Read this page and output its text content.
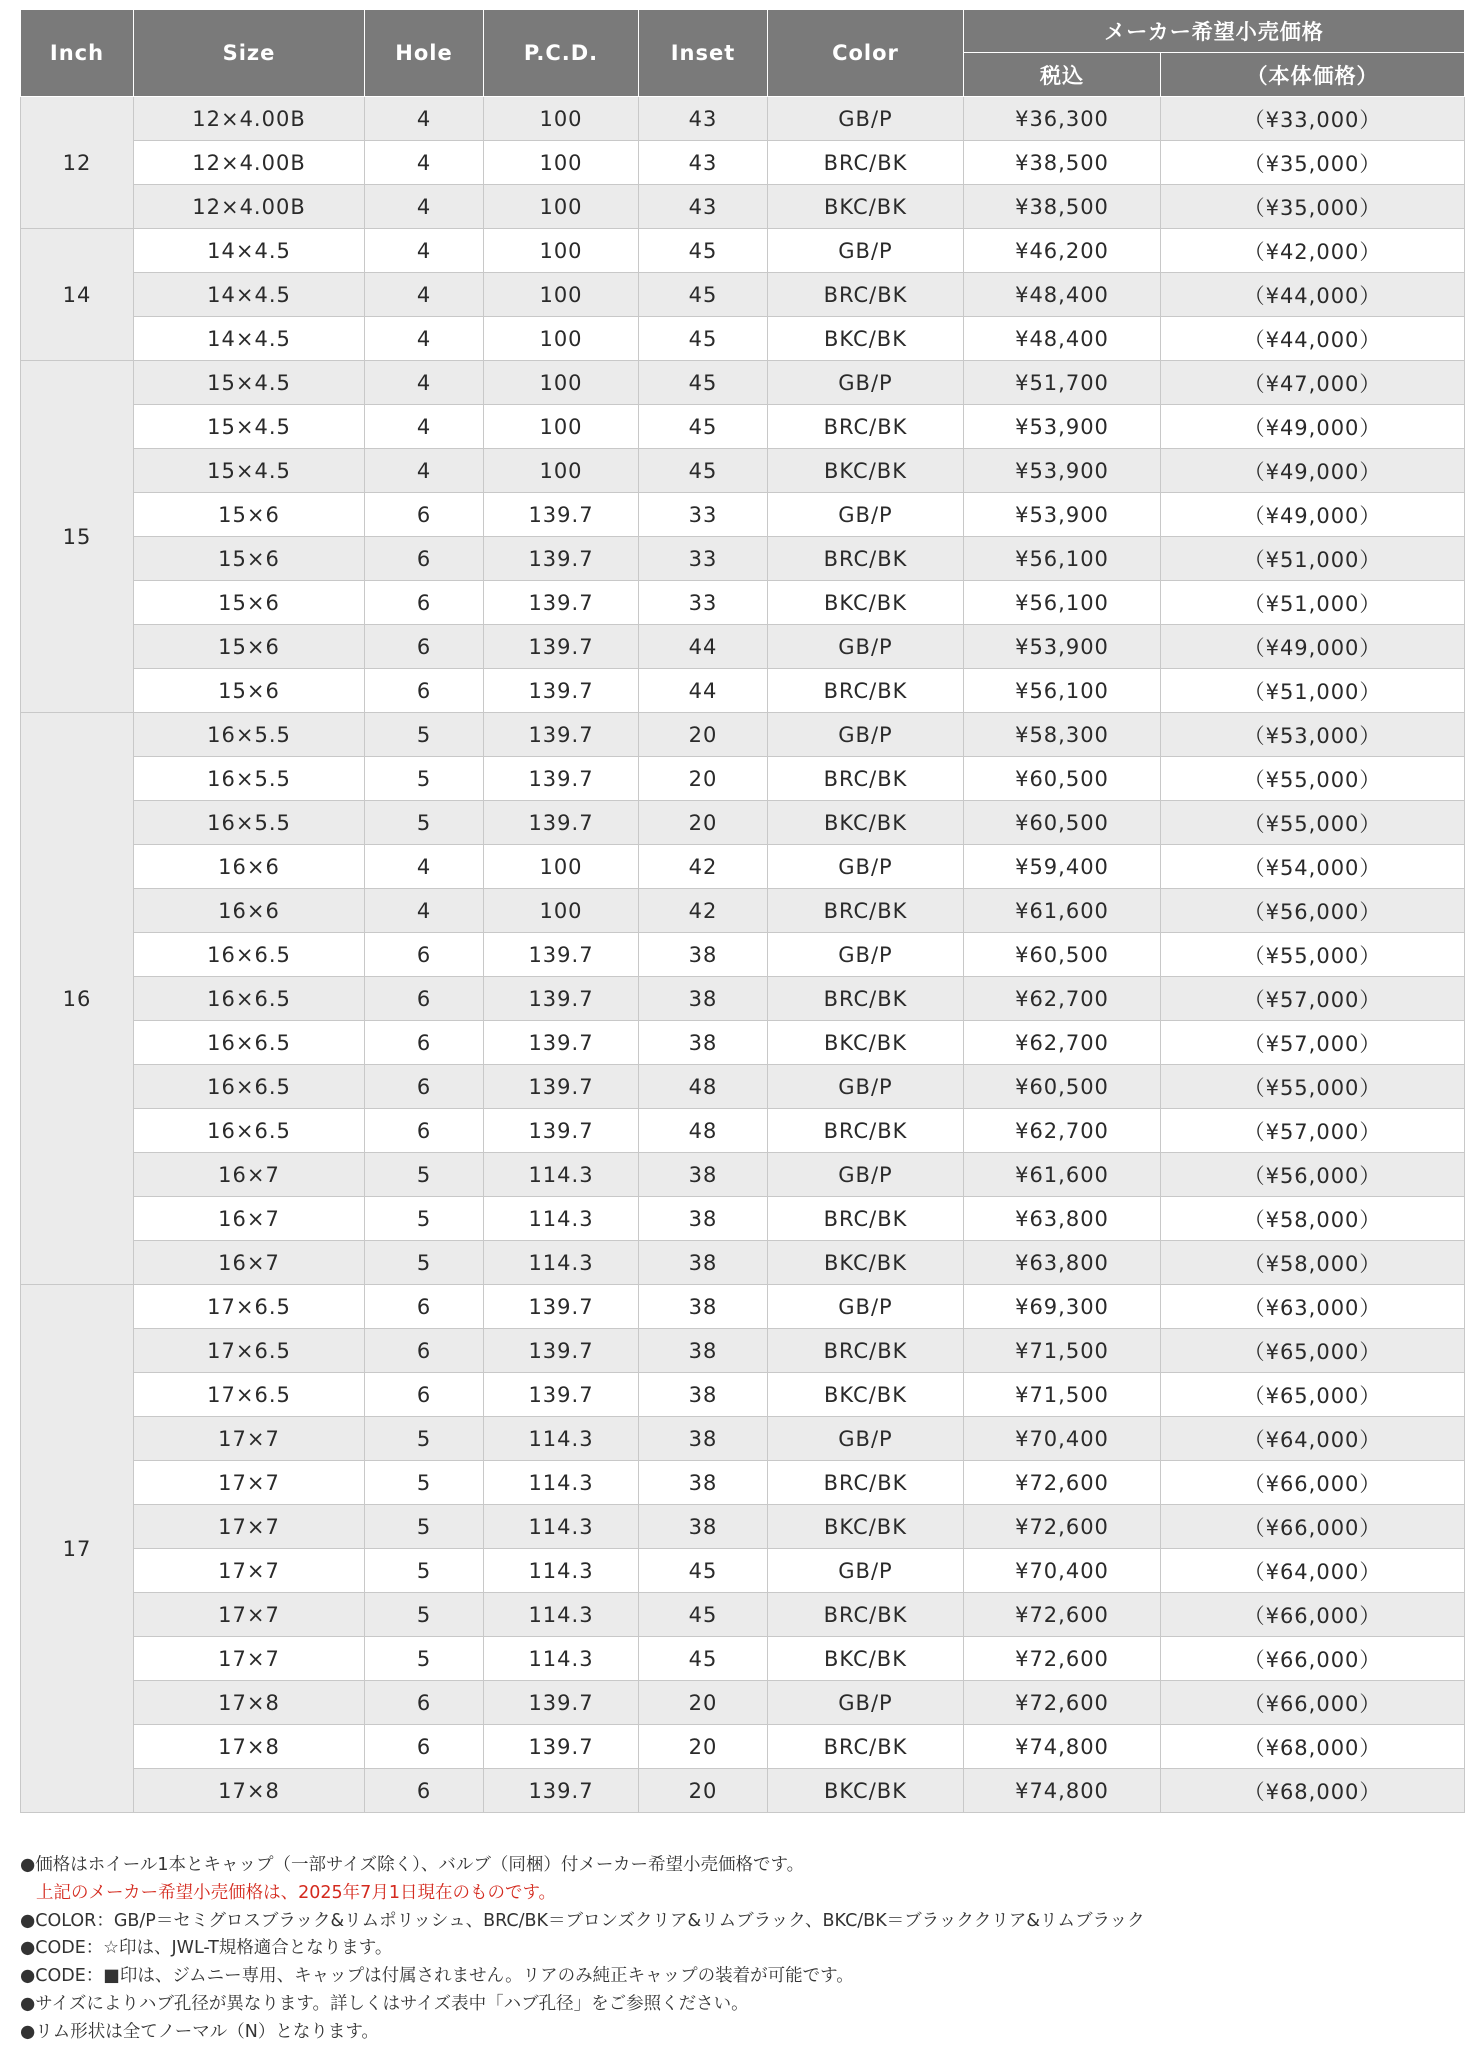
Inch	Size	Hole	P.C.D.	Inset	Color	メーカー希望小売価格	
						税込	（本体価格）
12	12×4.00B	4	100	43	GB/P	¥36,300	（¥33,000）
	12×4.00B	4	100	43	BRC/BK	¥38,500	（¥35,000）
	12×4.00B	4	100	43	BKC/BK	¥38,500	（¥35,000）
14	14×4.5	4	100	45	GB/P	¥46,200	（¥42,000）
	14×4.5	4	100	45	BRC/BK	¥48,400	（¥44,000）
	14×4.5	4	100	45	BKC/BK	¥48,400	（¥44,000）
15	15×4.5	4	100	45	GB/P	¥51,700	（¥47,000）
	15×4.5	4	100	45	BRC/BK	¥53,900	（¥49,000）
	15×4.5	4	100	45	BKC/BK	¥53,900	（¥49,000）
	15×6	6	139.7	33	GB/P	¥53,900	（¥49,000）
	15×6	6	139.7	33	BRC/BK	¥56,100	（¥51,000）
	15×6	6	139.7	33	BKC/BK	¥56,100	（¥51,000）
	15×6	6	139.7	44	GB/P	¥53,900	（¥49,000）
	15×6	6	139.7	44	BRC/BK	¥56,100	（¥51,000）
16	16×5.5	5	139.7	20	GB/P	¥58,300	（¥53,000）
	16×5.5	5	139.7	20	BRC/BK	¥60,500	（¥55,000）
	16×5.5	5	139.7	20	BKC/BK	¥60,500	（¥55,000）
	16×6	4	100	42	GB/P	¥59,400	（¥54,000）
	16×6	4	100	42	BRC/BK	¥61,600	（¥56,000）
	16×6.5	6	139.7	38	GB/P	¥60,500	（¥55,000）
	16×6.5	6	139.7	38	BRC/BK	¥62,700	（¥57,000）
	16×6.5	6	139.7	38	BKC/BK	¥62,700	（¥57,000）
	16×6.5	6	139.7	48	GB/P	¥60,500	（¥55,000）
	16×6.5	6	139.7	48	BRC/BK	¥62,700	（¥57,000）
	16×7	5	114.3	38	GB/P	¥61,600	（¥56,000）
	16×7	5	114.3	38	BRC/BK	¥63,800	（¥58,000）
	16×7	5	114.3	38	BKC/BK	¥63,800	（¥58,000）
17	17×6.5	6	139.7	38	GB/P	¥69,300	（¥63,000）
	17×6.5	6	139.7	38	BRC/BK	¥71,500	（¥65,000）
	17×6.5	6	139.7	38	BKC/BK	¥71,500	（¥65,000）
	17×7	5	114.3	38	GB/P	¥70,400	（¥64,000）
	17×7	5	114.3	38	BRC/BK	¥72,600	（¥66,000）
	17×7	5	114.3	38	BKC/BK	¥72,600	（¥66,000）
	17×7	5	114.3	45	GB/P	¥70,400	（¥64,000）
	17×7	5	114.3	45	BRC/BK	¥72,600	（¥66,000）
	17×7	5	114.3	45	BKC/BK	¥72,600	（¥66,000）
	17×8	6	139.7	20	GB/P	¥72,600	（¥66,000）
	17×8	6	139.7	20	BRC/BK	¥74,800	（¥68,000）
	17×8	6	139.7	20	BKC/BK	¥74,800	（¥68,000）
●価格はホイール1本とキャップ（一部サイズ除く）、バルブ（同梱）付メーカー希望小売価格です。
上記のメーカー希望小売価格は、2025年7月1日現在のものです。
●COLOR：GB/P＝セミグロスブラック&リムポリッシュ、BRC/BK＝ブロンズクリア&リムブラック、BKC/BK＝ブラッククリア&リムブラック
●CODE：☆印は、JWL-T規格適合となります。
●CODE：■印は、ジムニー専用、キャップは付属されません。リアのみ純正キャップの装着が可能です。
●サイズによりハブ孔径が異なります。詳しくはサイズ表中「ハブ孔径」をご参照ください。
●リム形状は全てノーマル（N）となります。
